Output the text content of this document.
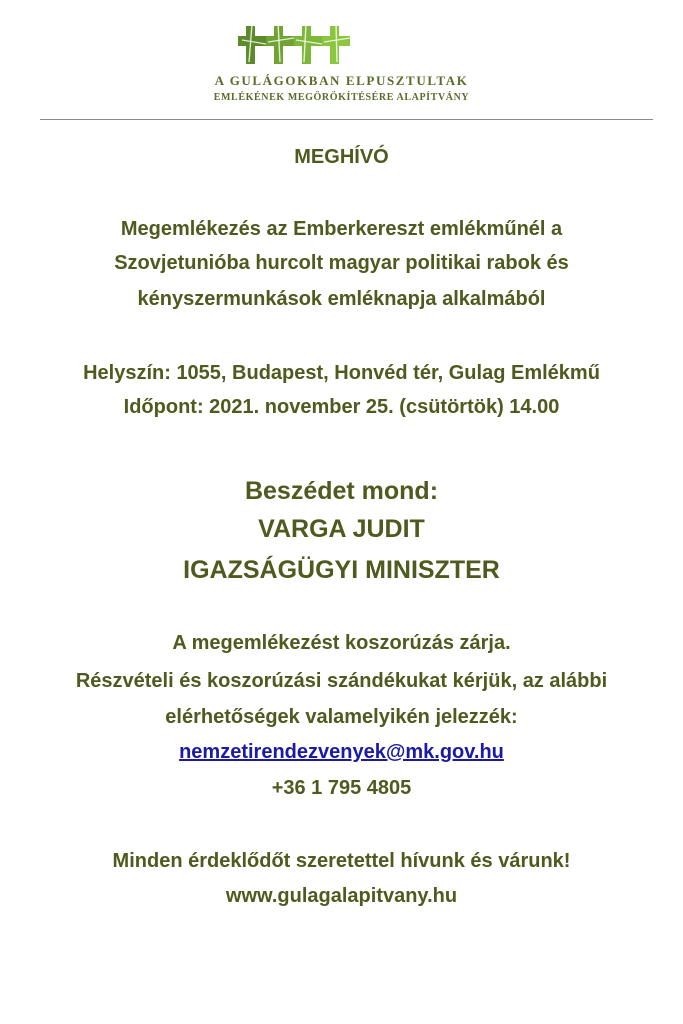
A GULÁGOKBAN ELPUSZTULTAK
EMLÉKÉNEK MEGÖRÖKÍTÉSÉRE ALAPÍTVÁNY
MEGHÍVÓ
Megemlékezés az Emberkereszt emlékműnél a
Szovjetunióba hurcolt magyar politikai rabok és
kényszermunkások emléknapja alkalmából
Helyszín: 1055, Budapest, Honvéd tér, Gulag Emlékmű
Időpont: 2021. november 25. (csütörtök) 14.00
Beszédet mond:
VARGA JUDIT
IGAZSÁGÜGYI MINISZTER
A megemlékezést koszorúzás zárja.
Részvételi és koszorúzási szándékukat kérjük, az alábbi
elérhetőségek valamelyikén jelezzék:
nemzetirendezvenyek@mk.gov.hu
+36 1 795 4805
Minden érdeklődőt szeretettel hívunk és várunk!
www.gulagalapitvany.hu
